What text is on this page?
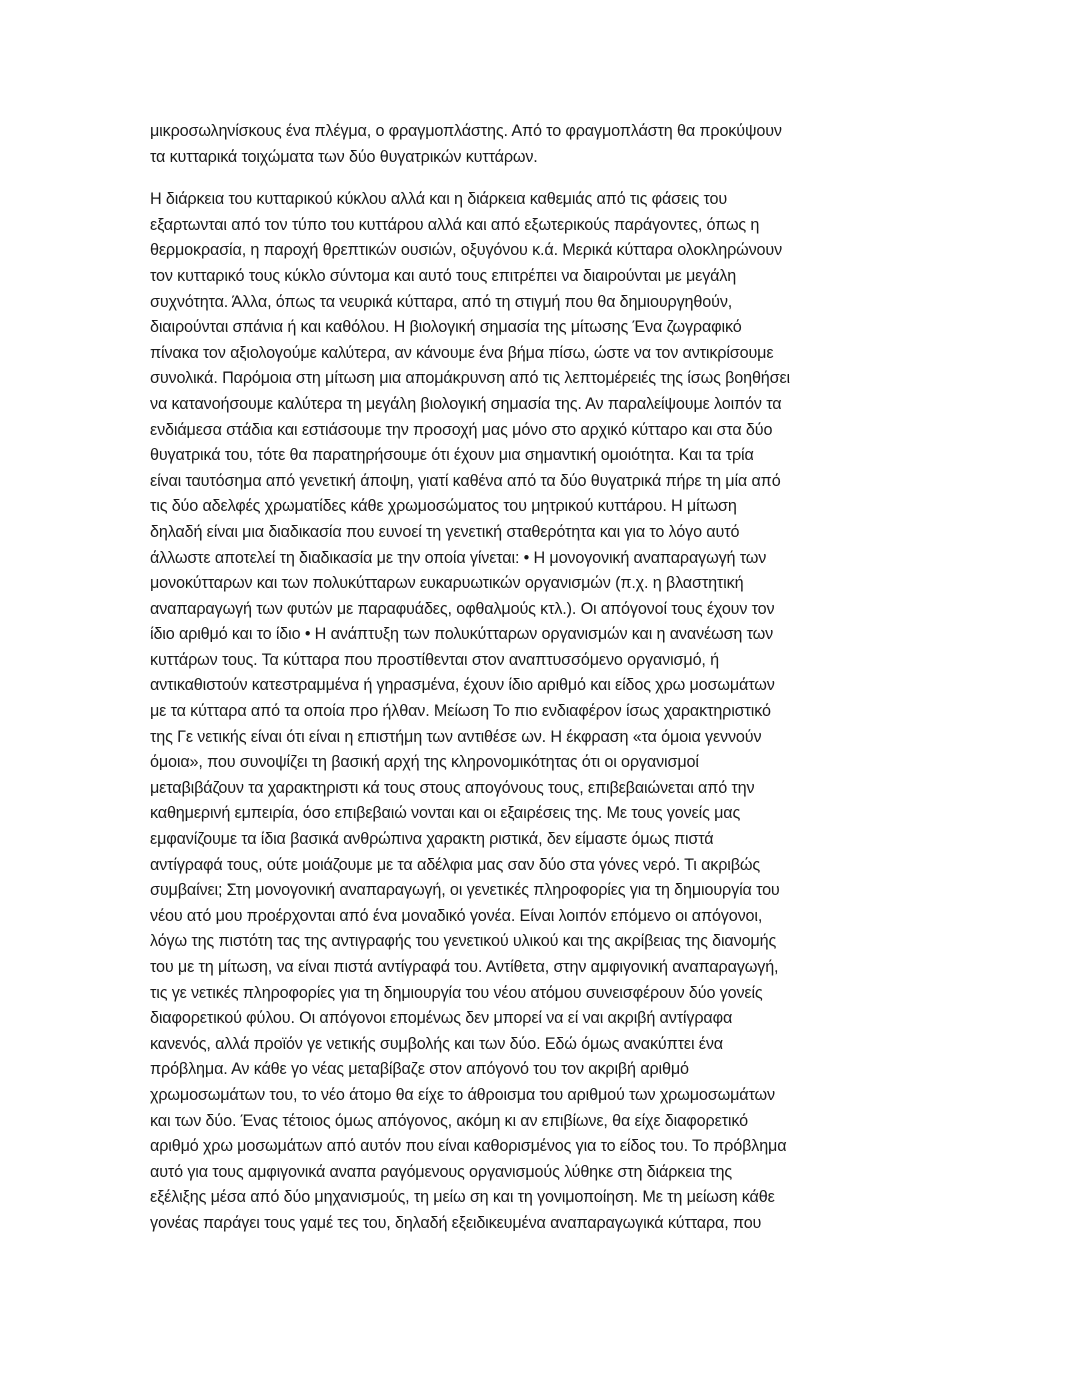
μικροσωληνίσκους ένα πλέγμα, ο φραγμοπλάστης. Από το φραγμοπλάστη θα προκύψουν
τα κυτταρικά τοιχώματα των δύο θυγατρικών κυττάρων.

Η διάρκεια του κυτταρικού κύκλου αλλά και η διάρκεια καθεμιάς από τις φάσεις του
εξαρτωνται από τον τύπο του κυττάρου αλλά και από εξωτερικούς παράγοντες, όπως η
θερμοκρασία, η παροχή θρεπτικών ουσιών, οξυγόνου κ.ά. Μερικά κύτταρα ολοκληρώνουν
τον κυτταρικό τους κύκλο σύντομα και αυτό τους επιτρέπει να διαιρούνται με μεγάλη
συχνότητα. Άλλα, όπως τα νευρικά κύτταρα, από τη στιγμή που θα δημιουργηθούν,
διαιρούνται σπάνια ή και καθόλου. Η βιολογική σημασία της μίτωσης Ένα ζωγραφικό
πίνακα τον αξιολογούμε καλύτερα, αν κάνουμε ένα βήμα πίσω, ώστε να τον αντικρίσουμε
συνολικά. Παρόμοια στη μίτωση μια απομάκρυνση από τις λεπτομέρειές της ίσως βοηθήσει
να κατανοήσουμε καλύτερα τη μεγάλη βιολογική σημασία της. Αν παραλείψουμε λοιπόν τα
ενδιάμεσα στάδια και εστιάσουμε την προσοχή μας μόνο στο αρχικό κύτταρο και στα δύο
θυγατρικά του, τότε θα παρατηρήσουμε ότι έχουν μια σημαντική ομοιότητα. Και τα τρία
είναι ταυτόσημα από γενετική άποψη, γιατί καθένα από τα δύο θυγατρικά πήρε τη μία από
τις δύο αδελφές χρωματίδες κάθε χρωμοσώματος του μητρικού κυττάρου. Η μίτωση
δηλαδή είναι μια διαδικασία που ευνοεί τη γενετική σταθερότητα και για το λόγο αυτό
άλλωστε αποτελεί τη διαδικασία με την οποία γίνεται: • Η μονογονική αναπαραγωγή των
μονοκύτταρων και των πολυκύτταρων ευκαρυωτικών οργανισμών (π.χ. η βλαστητική
αναπαραγωγή των φυτών με παραφυάδες, οφθαλμούς κτλ.). Οι απόγονοί τους έχουν τον
ίδιο αριθμό και το ίδιο • Η ανάπτυξη των πολυκύτταρων οργανισμών και η ανανέωση των
κυττάρων τους. Τα κύτταρα που προστίθενται στον αναπτυσσόμενο οργανισμό, ή
αντικαθιστούν κατεστραμμένα ή γηρασμένα, έχουν ίδιο αριθμό και είδος χρω μοσωμάτων
με τα κύτταρα από τα οποία προ ήλθαν. Μείωση Το πιο ενδιαφέρον ίσως χαρακτηριστικό
της Γε νετικής είναι ότι είναι η επιστήμη των αντιθέσε ων. Η έκφραση «τα όμοια γεννούν
όμοια», που συνοψίζει τη βασική αρχή της κληρονομικότητας ότι οι οργανισμοί
μεταβιβάζουν τα χαρακτηριστι κά τους στους απογόνους τους, επιβεβαιώνεται από την
καθημερινή εμπειρία, όσο επιβεβαιώ νονται και οι εξαιρέσεις της. Με τους γονείς μας
εμφανίζουμε τα ίδια βασικά ανθρώπινα χαρακτη ριστικά, δεν είμαστε όμως πιστά
αντίγραφά τους, ούτε μοιάζουμε με τα αδέλφια μας σαν δύο στα γόνες νερό. Τι ακριβώς
συμβαίνει; Στη μονογονική αναπαραγωγή, οι γενετικές πληροφορίες για τη δημιουργία του
νέου ατό μου προέρχονται από ένα μοναδικό γονέα. Είναι λοιπόν επόμενο οι απόγονοι,
λόγω της πιστότη τας της αντιγραφής του γενετικού υλικού και της ακρίβειας της διανομής
του με τη μίτωση, να είναι πιστά αντίγραφά του. Αντίθετα, στην αμφιγονική αναπαραγωγή,
τις γε νετικές πληροφορίες για τη δημιουργία του νέου ατόμου συνεισφέρουν δύο γονείς
διαφορετικού φύλου. Οι απόγονοι επομένως δεν μπορεί να εί ναι ακριβή αντίγραφα
κανενός, αλλά προϊόν γε νετικής συμβολής και των δύο. Εδώ όμως ανακύπτει ένα
πρόβλημα. Αν κάθε γο νέας μεταβίβαζε στον απόγονό του τον ακριβή αριθμό
χρωμοσωμάτων του, το νέο άτομο θα είχε το άθροισμα του αριθμού των χρωμοσωμάτων
και των δύο. Ένας τέτοιος όμως απόγονος, ακόμη κι αν επιβίωνε, θα είχε διαφορετικό
αριθμό χρω μοσωμάτων από αυτόν που είναι καθορισμένος για το είδος του. Το πρόβλημα
αυτό για τους αμφιγονικά αναπα ραγόμενους οργανισμούς λύθηκε στη διάρκεια της
εξέλιξης μέσα από δύο μηχανισμούς, τη μείω ση και τη γονιμοποίηση. Με τη μείωση κάθε
γονέας παράγει τους γαμέ τες του, δηλαδή εξειδικευμένα αναπαραγωγικά κύτταρα, που
